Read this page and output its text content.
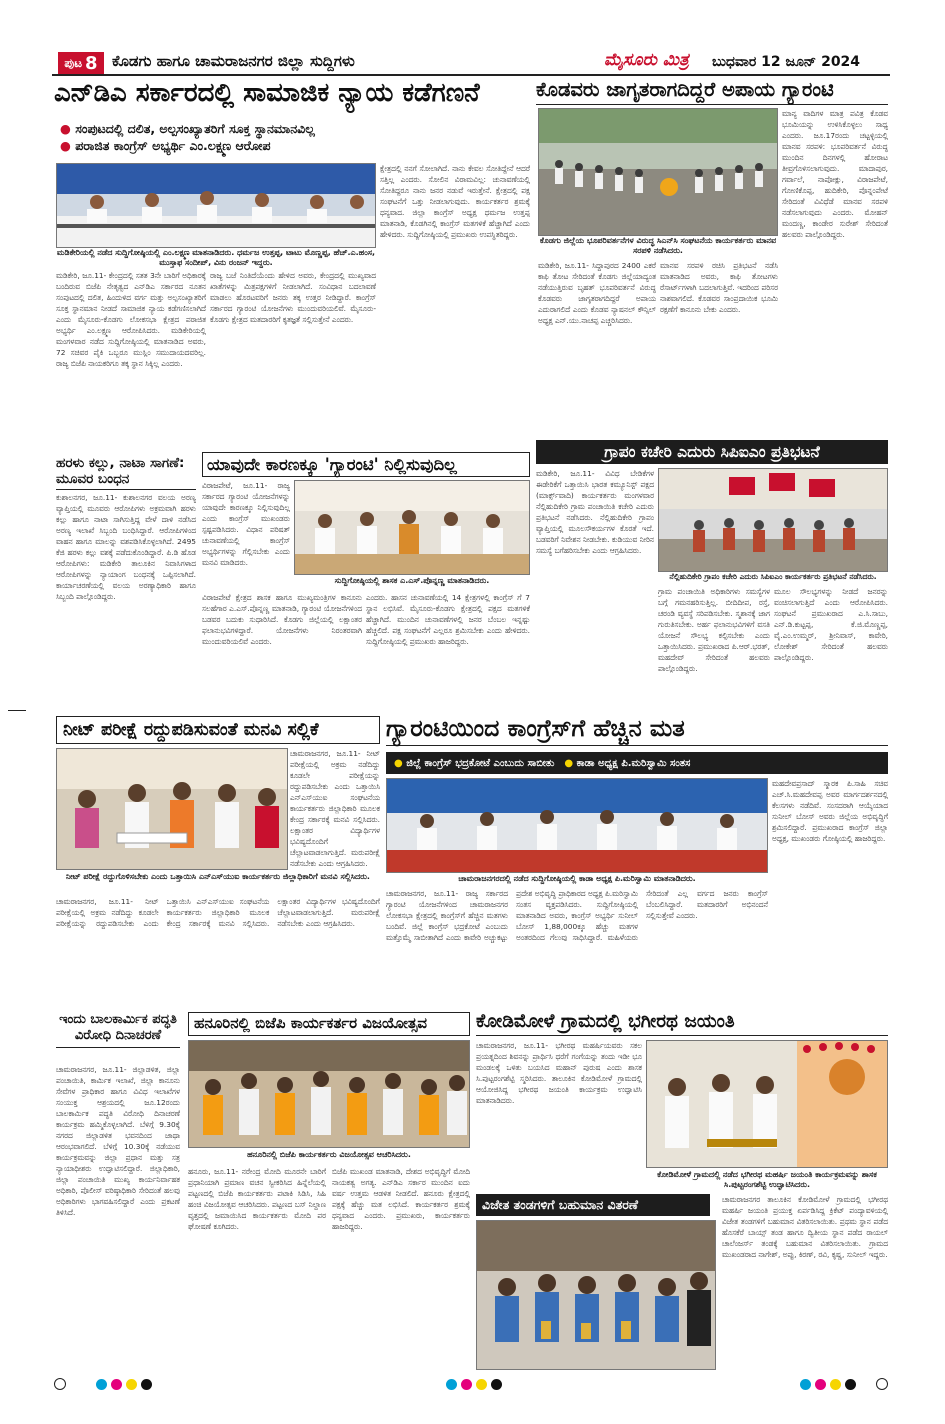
ಪುಟ 8 ಕೊಡಗು ಹಾಗೂ ಚಾಮರಾಜನಗರ ಜಿಲ್ಲಾ ಸುದ್ದಿಗಳು	ಮೈಸೂರು ಮಿತ್ರ ಬುಧವಾರ 12 ಜೂನ್ 2024
ಎನ್‌ಡಿಎ ಸರ್ಕಾರದಲ್ಲಿ ಸಾಮಾಜಿಕ ನ್ಯಾಯ ಕಡೆಗಣನೆ
● ಸಂಪುಟದಲ್ಲಿ ದಲಿತ, ಅಲ್ಪಸಂಖ್ಯಾತರಿಗೆ ಸೂಕ್ತ ಸ್ಥಾನಮಾನವಿಲ್ಲ
● ಪರಾಜಿತ ಕಾಂಗ್ರೆಸ್ ಅಭ್ಯರ್ಥಿ ಎಂ.ಲಕ್ಷ್ಮಣ ಆರೋಪ
ಮಡಿಕೇರಿಯಲ್ಲಿ ನಡೆದ ಸುದ್ದಿಗೋಷ್ಠಿಯಲ್ಲಿ ಎಂ.ಲಕ್ಷ್ಮಣ ಮಾತನಾಡಿದರು. ಧರ್ಮಜ ಉತ್ತಪ್ಪ, ಟಾಟು ಮೊಣ್ಣಪ್ಪ, ಹೆಚ್.ಎ.ಹಂಸ, ಮುಸ್ತಾಫ ಸಂದೀಪ್, ವಿನು ರಂಜನ್ ಇದ್ದರು.
ಮಡಿಕೇರಿ, ಜೂ.11- ಕೇಂದ್ರದಲ್ಲಿ ಸತತ 3ನೇ ಬಾರಿಗೆ ಅಧಿಕಾರಕ್ಕೆ ಬಂದಿರುವ ಬಿಜೆಪಿ ನೇತೃತ್ವದ ಎನ್‌ಡಿಎ ಸರ್ಕಾರದ ನೂತನ ಸಂಪುಟದಲ್ಲಿ ದಲಿತ, ಹಿಂದುಳಿದ ವರ್ಗ ಮತ್ತು ಅಲ್ಪಸಂಖ್ಯಾತರಿಗೆ ಸೂಕ್ತ ಸ್ಥಾನಮಾನ ನೀಡದೆ ಸಾಮಾಜಿಕ ನ್ಯಾಯ ಕಡೆಗಣಿಸಲಾಗಿದೆ ಎಂದು ಮೈಸೂರು-ಕೊಡಗು ಲೋಕಸಭಾ ಕ್ಷೇತ್ರದ ಪರಾಜಿತ ಅಭ್ಯರ್ಥಿ ಎಂ.ಲಕ್ಷ್ಮಣ ಆರೋಪಿಸಿದರು. ಮಡಿಕೇರಿಯಲ್ಲಿ ಮಂಗಳವಾರ ನಡೆದ ಸುದ್ದಿಗೋಷ್ಠಿಯಲ್ಲಿ ಮಾತನಾಡಿದ ಅವರು, 72 ಸಚಿವರ ಪೈಕಿ ಒಬ್ಬರೂ ಮುಸ್ಲಿಂ ಸಮುದಾಯದವರಿಲ್ಲ. ರಾಜ್ಯ ಬಿಜೆಪಿ ನಾಯಕರಿಗೂ ತಕ್ಕ ಸ್ಥಾನ ಸಿಕ್ಕಿಲ್ಲ ಎಂದರು.
ರಾಜ್ಯ ಬಜೆ ನಿಂತಿದೆಯೆಂದು ಹೇಳಿದ ಅವರು, ಕೇಂದ್ರದಲ್ಲಿ ಮುಖ್ಯವಾದ ಖಾತೆಗಳನ್ನು ಮಿತ್ರಪಕ್ಷಗಳಿಗೆ ನೀಡಲಾಗಿದೆ. ಸಂವಿಧಾನ ಬದಲಾವಣೆ ಮಾಡಲು ಹೊರಟವರಿಗೆ ಜನರು ತಕ್ಕ ಉತ್ತರ ನೀಡಿದ್ದಾರೆ. ಕಾಂಗ್ರೆಸ್ ಸರ್ಕಾರದ ಗ್ಯಾರಂಟಿ ಯೋಜನೆಗಳು ಮುಂದುವರಿಯಲಿವೆ. ಮೈಸೂರು-ಕೊಡಗು ಕ್ಷೇತ್ರದ ಮತದಾರರಿಗೆ ಕೃತಜ್ಞತೆ ಸಲ್ಲಿಸುತ್ತೇನೆ ಎಂದರು.
ಕ್ಷೇತ್ರದಲ್ಲಿ ನನಗೆ ಸೋಲಾಗಿದೆ. ನಾನು ಕೇವಲ ಸೋತಿದ್ದೇನೆ ಆದರೆ ಸತ್ತಿಲ್ಲ ಎಂದರು. ಸೋಲಿನ ವಿರಾಮವಿಲ್ಲ: ಚುನಾವಣೆಯಲ್ಲಿ ಸೋತಿದ್ದರೂ ನಾನು ಜನರ ನಡುವೆ ಇರುತ್ತೇನೆ. ಕ್ಷೇತ್ರದಲ್ಲಿ ಪಕ್ಷ ಸಂಘಟನೆಗೆ ಒತ್ತು ನೀಡಲಾಗುವುದು. ಕಾರ್ಯಕರ್ತರ ಶ್ರಮಕ್ಕೆ ಧನ್ಯವಾದ. ಜಿಲ್ಲಾ ಕಾಂಗ್ರೆಸ್ ಅಧ್ಯಕ್ಷ ಧರ್ಮಜ ಉತ್ತಪ್ಪ ಮಾತನಾಡಿ, ಕೊಡಗಿನಲ್ಲಿ ಕಾಂಗ್ರೆಸ್ ಮತಗಳಿಕೆ ಹೆಚ್ಚಾಗಿದೆ ಎಂದು ಹೇಳಿದರು. ಸುದ್ದಿಗೋಷ್ಠಿಯಲ್ಲಿ ಪ್ರಮುಖರು ಉಪಸ್ಥಿತರಿದ್ದರು.
ಕೊಡವರು ಜಾಗೃತರಾಗದಿದ್ದರೆ ಅಪಾಯ ಗ್ಯಾರಂಟಿ
ಕೊಡಗು ಜಿಲ್ಲೆಯ ಭೂಪರಿವರ್ತನೆಗಳ ವಿರುದ್ಧ ಸಿಎನ್‌ಸಿ ಸಂಘಟನೆಯ ಕಾರ್ಯಕರ್ತರು ಮಾನವ ಸರಪಳಿ ನಡೆಸಿದರು.
ಮಡಿಕೇರಿ, ಜೂ.11- ಸಿದ್ದಾಪುರದ 2400 ಎಕರೆ ಕಾಫಿ ತೋಟ ಸೇರಿದಂತೆ ಕೊಡಗು ಜಿಲ್ಲೆಯಾದ್ಯಂತ ನಡೆಯುತ್ತಿರುವ ಬೃಹತ್ ಭೂಪರಿವರ್ತನೆ ವಿರುದ್ಧ ಕೊಡವರು ಜಾಗೃತರಾಗದಿದ್ದರೆ ಅಪಾಯ ಎದುರಾಗಲಿದೆ ಎಂದು ಕೊಡವ ನ್ಯಾಷನಲ್ ಕೌನ್ಸಿಲ್ ಅಧ್ಯಕ್ಷ ಎನ್.ಯು.ನಾಚಪ್ಪ ಎಚ್ಚರಿಸಿದರು.
ಮಾನವ ಸರಪಳಿ ರಚಿಸಿ ಪ್ರತಿಭಟನೆ ನಡೆಸಿ ಮಾತನಾಡಿದ ಅವರು, ಕಾಫಿ ತೋಟಗಳು ರೆಸಾರ್ಟ್‌ಗಳಾಗಿ ಬದಲಾಗುತ್ತಿವೆ. ಇದರಿಂದ ಪರಿಸರ ನಾಶವಾಗಲಿದೆ. ಕೊಡವರ ಸಾಂಪ್ರದಾಯಿಕ ಭೂಮಿ ರಕ್ಷಣೆಗೆ ಕಾನೂನು ಬೇಕು ಎಂದರು.
ಮಾನ್ಯ ವಾದಿಗಳ ಮಾತ್ರ ಪವಿತ್ರ ಕೊಡವ ಭೂಮಿಯನ್ನು ಉಳಿಸಿಕೊಳ್ಳಲು ಸಾಧ್ಯ ಎಂದರು. ಜೂ.17ರಂದು ಚಟ್ಟಳ್ಳಿಯಲ್ಲಿ ಮಾನವ ಸರಪಳಿ: ಭೂಪರಿವರ್ತನೆ ವಿರುದ್ಧ ಮುಂದಿನ ದಿನಗಳಲ್ಲಿ ಹೋರಾಟ ತೀವ್ರಗೊಳಿಸಲಾಗುವುದು. ಮಾದಾಪುರ, ಗರ್ವಾಲೆ, ನಾಪೋಕ್ಲು, ವಿರಾಜಪೇಟೆ, ಗೋಣಿಕೊಪ್ಪ, ಹುದಿಕೇರಿ, ಪೊನ್ನಂಪೇಟೆ ಸೇರಿದಂತೆ ವಿವಿಧೆಡೆ ಮಾನವ ಸರಪಳಿ ನಡೆಸಲಾಗುವುದು ಎಂದರು. ಮೋಹನ್ ಮಂದಣ್ಣ, ಕಾಂಡೇರ ಸುರೇಶ್ ಸೇರಿದಂತೆ ಹಲವರು ಪಾಲ್ಗೊಂಡಿದ್ದರು.
ಗ್ರಾಪಂ ಕಚೇರಿ ಎದುರು ಸಿಪಿಐಎಂ ಪ್ರತಿಭಟನೆ
ಮಡಿಕೇರಿ, ಜೂ.11- ವಿವಿಧ ಬೇಡಿಕೆಗಳ ಈಡೇರಿಕೆಗೆ ಒತ್ತಾಯಿಸಿ ಭಾರತ ಕಮ್ಯೂನಿಸ್ಟ್ ಪಕ್ಷದ (ಮಾರ್ಕ್ಸ್‌ವಾದಿ) ಕಾರ್ಯಕರ್ತರು ಮಂಗಳವಾರ ನೆಲ್ಲಿಹುದಿಕೇರಿ ಗ್ರಾಮ ಪಂಚಾಯಿತಿ ಕಚೇರಿ ಎದುರು ಪ್ರತಿಭಟನೆ ನಡೆಸಿದರು. ನೆಲ್ಲಿಹುದಿಕೇರಿ ಗ್ರಾಪಂ ವ್ಯಾಪ್ತಿಯಲ್ಲಿ ಮೂಲಸೌಕರ್ಯಗಳ ಕೊರತೆ ಇದೆ. ಬಡವರಿಗೆ ನಿವೇಶನ ನೀಡಬೇಕು. ಕುಡಿಯುವ ನೀರಿನ ಸಮಸ್ಯೆ ಬಗೆಹರಿಸಬೇಕು ಎಂದು ಆಗ್ರಹಿಸಿದರು.
ನೆಲ್ಲಿಹುದಿಕೇರಿ ಗ್ರಾಪಂ ಕಚೇರಿ ಎದುರು ಸಿಪಿಐಎಂ ಕಾರ್ಯಕರ್ತರು ಪ್ರತಿಭಟನೆ ನಡೆಸಿದರು.
ಗ್ರಾಮ ಪಂಚಾಯಿತಿ ಅಧಿಕಾರಿಗಳು ಸಮಸ್ಯೆಗಳ ಬಗ್ಗೆ ಗಮನಹರಿಸುತ್ತಿಲ್ಲ. ಬೀದಿದೀಪ, ರಸ್ತೆ, ಚರಂಡಿ ವ್ಯವಸ್ಥೆ ಸರಿಪಡಿಸಬೇಕು. ಸ್ಮಶಾನಕ್ಕೆ ಜಾಗ ಗುರುತಿಸಬೇಕು. ಅರ್ಹ ಫಲಾನುಭವಿಗಳಿಗೆ ವಸತಿ ಯೋಜನೆ ಸೌಲಭ್ಯ ಕಲ್ಪಿಸಬೇಕು ಎಂದು ಒತ್ತಾಯಿಸಿದರು. ಪ್ರಮುಖರಾದ ಪಿ.ಆರ್.ಭರತ್, ಮಹದೇವ್ ಸೇರಿದಂತೆ ಹಲವರು ಪಾಲ್ಗೊಂಡಿದ್ದರು.
ಮೂಲ ಸೌಲಭ್ಯಗಳನ್ನು ನೀಡದೆ ಜನರನ್ನು ವಂಚಿಸಲಾಗುತ್ತಿದೆ ಎಂದು ಆರೋಪಿಸಿದರು. ಸಂಘಟನೆ ಪ್ರಮುಖರಾದ ಎ.ಸಿ.ಸಾಬು, ಎನ್.ಡಿ.ಕುಟ್ಟಪ್ಪ, ಕೆ.ಜಿ.ಮೊಣ್ಣಪ್ಪ, ವೈ.ಎಂ.ಉಮ್ಮರ್, ಶ್ರೀನಿವಾಸ್, ಕಾವೇರಿ, ಲೋಕೇಶ್ ಸೇರಿದಂತೆ ಹಲವರು ಪಾಲ್ಗೊಂಡಿದ್ದರು.
ಹರಳು ಕಲ್ಲು, ನಾಟಾ ಸಾಗಣೆ: ಮೂವರ ಬಂಧನ
ಕುಶಾಲನಗರ, ಜೂ.11- ಕುಶಾಲನಗರ ವಲಯ ಅರಣ್ಯ ವ್ಯಾಪ್ತಿಯಲ್ಲಿ ಮೂವರು ಆರೋಪಿಗಳು ಅಕ್ರಮವಾಗಿ ಹರಳು ಕಲ್ಲು ಹಾಗೂ ನಾಟಾ ಸಾಗಿಸುತ್ತಿದ್ದ ವೇಳೆ ದಾಳಿ ನಡೆಸಿದ ಅರಣ್ಯ ಇಲಾಖೆ ಸಿಬ್ಬಂದಿ ಬಂಧಿಸಿದ್ದಾರೆ. ಆರೋಪಿಗಳಿಂದ ವಾಹನ ಹಾಗೂ ಮಾಲನ್ನು ವಶಪಡಿಸಿಕೊಳ್ಳಲಾಗಿದೆ. 2495 ಕೆಜಿ ಹರಳು ಕಲ್ಲು ವಶಕ್ಕೆ ಪಡೆದುಕೊಂಡಿದ್ದಾರೆ. ಪಿ.ಡಿ ಹೊಡ ಆರೋಪಿಗಳು: ಮಡಿಕೇರಿ ತಾಲೂಕಿನ ನಿವಾಸಿಗಳಾದ ಆರೋಪಿಗಳನ್ನು ನ್ಯಾಯಾಂಗ ಬಂಧನಕ್ಕೆ ಒಪ್ಪಿಸಲಾಗಿದೆ. ಕಾರ್ಯಾಚರಣೆಯಲ್ಲಿ ವಲಯ ಅರಣ್ಯಾಧಿಕಾರಿ ಹಾಗೂ ಸಿಬ್ಬಂದಿ ಪಾಲ್ಗೊಂಡಿದ್ದರು.
ಯಾವುದೇ ಕಾರಣಕ್ಕೂ 'ಗ್ಯಾರಂಟಿ' ನಿಲ್ಲಿಸುವುದಿಲ್ಲ
ವಿರಾಜಪೇಟೆ, ಜೂ.11- ರಾಜ್ಯ ಸರ್ಕಾರದ ಗ್ಯಾರಂಟಿ ಯೋಜನೆಗಳನ್ನು ಯಾವುದೇ ಕಾರಣಕ್ಕೂ ನಿಲ್ಲಿಸುವುದಿಲ್ಲ ಎಂದು ಕಾಂಗ್ರೆಸ್ ಮುಖಂಡರು ಸ್ಪಷ್ಟಪಡಿಸಿದರು. ವಿಧಾನ ಪರಿಷತ್ ಚುನಾವಣೆಯಲ್ಲಿ ಕಾಂಗ್ರೆಸ್ ಅಭ್ಯರ್ಥಿಗಳನ್ನು ಗೆಲ್ಲಿಸಬೇಕು ಎಂದು ಮನವಿ ಮಾಡಿದರು.
ಸುದ್ದಿಗೋಷ್ಠಿಯಲ್ಲಿ ಶಾಸಕ ಎ.ಎಸ್.ಪೊನ್ನಣ್ಣ ಮಾತನಾಡಿದರು.
ವಿರಾಜಪೇಟೆ ಕ್ಷೇತ್ರದ ಶಾಸಕ ಹಾಗೂ ಮುಖ್ಯಮಂತ್ರಿಗಳ ಕಾನೂನು ಸಲಹೆಗಾರ ಎ.ಎಸ್.ಪೊನ್ನಣ್ಣ ಮಾತನಾಡಿ, ಗ್ಯಾರಂಟಿ ಯೋಜನೆಗಳಿಂದ ಬಡವರ ಬದುಕು ಸುಧಾರಿಸಿದೆ. ಕೊಡಗು ಜಿಲ್ಲೆಯಲ್ಲಿ ಲಕ್ಷಾಂತರ ಫಲಾನುಭವಿಗಳಿದ್ದಾರೆ. ಯೋಜನೆಗಳು ನಿರಂತರವಾಗಿ ಮುಂದುವರಿಯಲಿವೆ ಎಂದರು.
ಎಂದರು. ಹಾಸನ ಚುನಾವಣೆಯಲ್ಲಿ 14 ಕ್ಷೇತ್ರಗಳಲ್ಲಿ ಕಾಂಗ್ರೆಸ್ ಗೆ 7 ಸ್ಥಾನ ಲಭಿಸಿವೆ. ಮೈಸೂರು-ಕೊಡಗು ಕ್ಷೇತ್ರದಲ್ಲಿ ಪಕ್ಷದ ಮತಗಳಿಕೆ ಹೆಚ್ಚಾಗಿದೆ. ಮುಂದಿನ ಚುನಾವಣೆಗಳಲ್ಲಿ ಜನರ ಬೆಂಬಲ ಇನ್ನಷ್ಟು ಹೆಚ್ಚಲಿದೆ. ಪಕ್ಷ ಸಂಘಟನೆಗೆ ಎಲ್ಲರೂ ಶ್ರಮಿಸಬೇಕು ಎಂದು ಹೇಳಿದರು. ಸುದ್ದಿಗೋಷ್ಠಿಯಲ್ಲಿ ಪ್ರಮುಖರು ಹಾಜರಿದ್ದರು.
ನೀಟ್ ಪರೀಕ್ಷೆ ರದ್ದುಪಡಿಸುವಂತೆ ಮನವಿ ಸಲ್ಲಿಕೆ
ನೀಟ್ ಪರೀಕ್ಷೆ ರದ್ದುಗೊಳಿಸಬೇಕು ಎಂದು ಒತ್ತಾಯಿಸಿ ಎನ್‌ಎಸ್‌ಯುಐ ಕಾರ್ಯಕರ್ತರು ಜಿಲ್ಲಾಧಿಕಾರಿಗೆ ಮನವಿ ಸಲ್ಲಿಸಿದರು.
ಚಾಮರಾಜನಗರ, ಜೂ.11- ನೀಟ್ ಪರೀಕ್ಷೆಯಲ್ಲಿ ಅಕ್ರಮ ನಡೆದಿದ್ದು ಕೂಡಲೇ ಪರೀಕ್ಷೆಯನ್ನು ರದ್ದುಪಡಿಸಬೇಕು ಎಂದು ಒತ್ತಾಯಿಸಿ ಎನ್‌ಎಸ್‌ಯುಐ ಸಂಘಟನೆಯ ಕಾರ್ಯಕರ್ತರು ಜಿಲ್ಲಾಧಿಕಾರಿ ಮೂಲಕ ಕೇಂದ್ರ ಸರ್ಕಾರಕ್ಕೆ ಮನವಿ ಸಲ್ಲಿಸಿದರು. ಲಕ್ಷಾಂತರ ವಿದ್ಯಾರ್ಥಿಗಳ ಭವಿಷ್ಯದೊಂದಿಗೆ ಚೆಲ್ಲಾಟವಾಡಲಾಗುತ್ತಿದೆ. ಮರುಪರೀಕ್ಷೆ ನಡೆಸಬೇಕು ಎಂದು ಆಗ್ರಹಿಸಿದರು.
ಚಾಮರಾಜನಗರ, ಜೂ.11- ನೀಟ್ ಪರೀಕ್ಷೆಯಲ್ಲಿ ಅಕ್ರಮ ನಡೆದಿದ್ದು ಕೂಡಲೇ ಪರೀಕ್ಷೆಯನ್ನು ರದ್ದುಪಡಿಸಬೇಕು ಎಂದು ಒತ್ತಾಯಿಸಿ ಎನ್‌ಎಸ್‌ಯುಐ ಸಂಘಟನೆಯ ಕಾರ್ಯಕರ್ತರು ಜಿಲ್ಲಾಧಿಕಾರಿ ಮೂಲಕ ಕೇಂದ್ರ ಸರ್ಕಾರಕ್ಕೆ ಮನವಿ ಸಲ್ಲಿಸಿದರು. ಲಕ್ಷಾಂತರ ವಿದ್ಯಾರ್ಥಿಗಳ ಭವಿಷ್ಯದೊಂದಿಗೆ ಚೆಲ್ಲಾಟವಾಡಲಾಗುತ್ತಿದೆ. ಮರುಪರೀಕ್ಷೆ ನಡೆಸಬೇಕು ಎಂದು ಆಗ್ರಹಿಸಿದರು.
ಗ್ಯಾರಂಟಿಯಿಂದ ಕಾಂಗ್ರೆಸ್‌ಗೆ ಹೆಚ್ಚಿನ ಮತ
● ಜಿಲ್ಲೆ ಕಾಂಗ್ರೆಸ್ ಭದ್ರಕೋಟೆ ಎಂಬುದು ಸಾಬೀತು ● ಕಾಡಾ ಅಧ್ಯಕ್ಷ ಪಿ.ಮರಿಸ್ವಾಮಿ ಸಂತಸ
ಚಾಮರಾಜನಗರದಲ್ಲಿ ನಡೆದ ಸುದ್ದಿಗೋಷ್ಠಿಯಲ್ಲಿ ಕಾಡಾ ಅಧ್ಯಕ್ಷ ಪಿ.ಮರಿಸ್ವಾಮಿ ಮಾತನಾಡಿದರು.
ಚಾಮರಾಜನಗರ, ಜೂ.11- ರಾಜ್ಯ ಸರ್ಕಾರದ ಗ್ಯಾರಂಟಿ ಯೋಜನೆಗಳಿಂದ ಚಾಮರಾಜನಗರ ಲೋಕಸಭಾ ಕ್ಷೇತ್ರದಲ್ಲಿ ಕಾಂಗ್ರೆಸ್‌ಗೆ ಹೆಚ್ಚಿನ ಮತಗಳು ಬಂದಿವೆ. ಜಿಲ್ಲೆ ಕಾಂಗ್ರೆಸ್ ಭದ್ರಕೋಟೆ ಎಂಬುದು ಮತ್ತೊಮ್ಮೆ ಸಾಬೀತಾಗಿದೆ ಎಂದು ಕಾವೇರಿ ಅಚ್ಚುಕಟ್ಟು ಪ್ರದೇಶ ಅಭಿವೃದ್ಧಿ ಪ್ರಾಧಿಕಾರದ ಅಧ್ಯಕ್ಷ ಪಿ.ಮರಿಸ್ವಾಮಿ ಸಂತಸ ವ್ಯಕ್ತಪಡಿಸಿದರು. ಸುದ್ದಿಗೋಷ್ಠಿಯಲ್ಲಿ ಮಾತನಾಡಿದ ಅವರು, ಕಾಂಗ್ರೆಸ್ ಅಭ್ಯರ್ಥಿ ಸುನೀಲ್ ಬೋಸ್ 1,88,000ಕ್ಕೂ ಹೆಚ್ಚು ಮತಗಳ ಅಂತರದಿಂದ ಗೆಲುವು ಸಾಧಿಸಿದ್ದಾರೆ. ಮಹಿಳೆಯರು ಸೇರಿದಂತೆ ಎಲ್ಲ ವರ್ಗದ ಜನರು ಕಾಂಗ್ರೆಸ್ ಬೆಂಬಲಿಸಿದ್ದಾರೆ. ಮತದಾರರಿಗೆ ಅಭಿನಂದನೆ ಸಲ್ಲಿಸುತ್ತೇವೆ ಎಂದರು.
ಮಹದೇವಪ್ರಸಾದ್ ಸ್ಮಾರಕ ಪಿ.ಸಾಹಿ ಸಚಿವ ಎಚ್.ಸಿ.ಮಹದೇವಪ್ಪ ಅವರ ಮಾರ್ಗದರ್ಶನದಲ್ಲಿ ಕೆಲಸಗಳು ನಡೆದಿವೆ. ಸಂಸದರಾಗಿ ಆಯ್ಕೆಯಾದ ಸುನೀಲ್ ಬೋಸ್ ಅವರು ಜಿಲ್ಲೆಯ ಅಭಿವೃದ್ಧಿಗೆ ಶ್ರಮಿಸಲಿದ್ದಾರೆ. ಪ್ರಮುಖರಾದ ಕಾಂಗ್ರೆಸ್ ಜಿಲ್ಲಾ ಅಧ್ಯಕ್ಷ, ಮುಖಂಡರು ಗೋಷ್ಠಿಯಲ್ಲಿ ಹಾಜರಿದ್ದರು.
ಇಂದು ಬಾಲಕಾರ್ಮಿಕ ಪದ್ಧತಿ ವಿರೋಧಿ ದಿನಾಚರಣೆ
ಚಾಮರಾಜನಗರ, ಜೂ.11- ಜಿಲ್ಲಾಡಳಿತ, ಜಿಲ್ಲಾ ಪಂಚಾಯಿತಿ, ಕಾರ್ಮಿಕ ಇಲಾಖೆ, ಜಿಲ್ಲಾ ಕಾನೂನು ಸೇವೆಗಳ ಪ್ರಾಧಿಕಾರ ಹಾಗೂ ವಿವಿಧ ಇಲಾಖೆಗಳ ಸಂಯುಕ್ತ ಆಶ್ರಯದಲ್ಲಿ ಜೂ.12ರಂದು ಬಾಲಕಾರ್ಮಿಕ ಪದ್ಧತಿ ವಿರೋಧಿ ದಿನಾಚರಣೆ ಕಾರ್ಯಕ್ರಮ ಹಮ್ಮಿಕೊಳ್ಳಲಾಗಿದೆ. ಬೆಳಿಗ್ಗೆ 9.30ಕ್ಕೆ ನಗರದ ಜಿಲ್ಲಾಡಳಿತ ಭವನದಿಂದ ಜಾಥಾ ಆರಂಭವಾಗಲಿದೆ. ಬೆಳಿಗ್ಗೆ 10.30ಕ್ಕೆ ನಡೆಯುವ ಕಾರ್ಯಕ್ರಮವನ್ನು ಜಿಲ್ಲಾ ಪ್ರಧಾನ ಮತ್ತು ಸತ್ರ ನ್ಯಾಯಾಧೀಶರು ಉದ್ಘಾಟಿಸಲಿದ್ದಾರೆ. ಜಿಲ್ಲಾಧಿಕಾರಿ, ಜಿಲ್ಲಾ ಪಂಚಾಯಿತಿ ಮುಖ್ಯ ಕಾರ್ಯನಿರ್ವಾಹಕ ಅಧಿಕಾರಿ, ಪೊಲೀಸ್ ವರಿಷ್ಠಾಧಿಕಾರಿ ಸೇರಿದಂತೆ ಹಲವು ಅಧಿಕಾರಿಗಳು ಭಾಗವಹಿಸಲಿದ್ದಾರೆ ಎಂದು ಪ್ರಕಟಣೆ ತಿಳಿಸಿದೆ.
ಹನೂರಿನಲ್ಲಿ ಬಿಜೆಪಿ ಕಾರ್ಯಕರ್ತರ ವಿಜಯೋತ್ಸವ
ಹನೂರಿನಲ್ಲಿ ಬಿಜೆಪಿ ಕಾರ್ಯಕರ್ತರು ವಿಜಯೋತ್ಸವ ಆಚರಿಸಿದರು.
ಹನೂರು, ಜೂ.11- ನರೇಂದ್ರ ಮೋದಿ ಮೂರನೇ ಬಾರಿಗೆ ಪ್ರಧಾನಿಯಾಗಿ ಪ್ರಮಾಣ ವಚನ ಸ್ವೀಕರಿಸಿದ ಹಿನ್ನೆಲೆಯಲ್ಲಿ ಪಟ್ಟಣದಲ್ಲಿ ಬಿಜೆಪಿ ಕಾರ್ಯಕರ್ತರು ಪಟಾಕಿ ಸಿಡಿಸಿ, ಸಿಹಿ ಹಂಚಿ ವಿಜಯೋತ್ಸವ ಆಚರಿಸಿದರು. ಪಟ್ಟಣದ ಬಸ್ ನಿಲ್ದಾಣ ವೃತ್ತದಲ್ಲಿ ಜಮಾಯಿಸಿದ ಕಾರ್ಯಕರ್ತರು ಮೋದಿ ಪರ ಘೋಷಣೆ ಕೂಗಿದರು.
ಬಿಜೆಪಿ ಮುಖಂಡ ಮಾತನಾಡಿ, ದೇಶದ ಅಭಿವೃದ್ಧಿಗೆ ಮೋದಿ ನಾಯಕತ್ವ ಅಗತ್ಯ. ಎನ್‌ಡಿಎ ಸರ್ಕಾರ ಮುಂದಿನ ಐದು ವರ್ಷ ಉತ್ತಮ ಆಡಳಿತ ನೀಡಲಿದೆ. ಹನೂರು ಕ್ಷೇತ್ರದಲ್ಲಿ ಪಕ್ಷಕ್ಕೆ ಹೆಚ್ಚು ಮತ ಲಭಿಸಿದೆ. ಕಾರ್ಯಕರ್ತರ ಶ್ರಮಕ್ಕೆ ಧನ್ಯವಾದ ಎಂದರು. ಪ್ರಮುಖರು, ಕಾರ್ಯಕರ್ತರು ಹಾಜರಿದ್ದರು.
ಕೋಡಿಮೋಳೆ ಗ್ರಾಮದಲ್ಲಿ ಭಗೀರಥ ಜಯಂತಿ
ಚಾಮರಾಜನಗರ, ಜೂ.11- ಭಗೀರಥ ಮಹರ್ಷಿಯವರು ಸಕಲ ಪ್ರಯತ್ನದಿಂದ ಶಿವನನ್ನು ಪ್ರಾರ್ಥಿಸಿ ಧರೆಗೆ ಗಂಗೆಯನ್ನು ತಂದು ಇಡೀ ಭೂ ಮಂಡಲಕ್ಕೆ ಒಳಿತು ಬಯಸಿದ ಮಹಾನ್ ಪುರುಷ ಎಂದು ಶಾಸಕ ಸಿ.ಪುಟ್ಟರಂಗಶೆಟ್ಟಿ ಸ್ಮರಿಸಿದರು. ತಾಲೂಕಿನ ಕೋಡಿಮೋಳೆ ಗ್ರಾಮದಲ್ಲಿ ಆಯೋಜಿಸಿದ್ದ ಭಗೀರಥ ಜಯಂತಿ ಕಾರ್ಯಕ್ರಮ ಉದ್ಘಾಟಿಸಿ ಮಾತನಾಡಿದರು.
ಕೋಡಿಮೋಳೆ ಗ್ರಾಮದಲ್ಲಿ ನಡೆದ ಭಗೀರಥ ಮಹರ್ಷಿ ಜಯಂತಿ ಕಾರ್ಯಕ್ರಮವನ್ನು ಶಾಸಕ ಸಿ.ಪುಟ್ಟರಂಗಶೆಟ್ಟಿ ಉದ್ಘಾಟಿಸಿದರು.
ವಿಜೇತ ತಂಡಗಳಿಗೆ ಬಹುಮಾನ ವಿತರಣೆ	ಚಾಮರಾಜನಗರ ತಾಲೂಕಿನ ಕೋಡಿಮೋಳೆ ಗ್ರಾಮದಲ್ಲಿ ಭಗೀರಥ ಮಹರ್ಷಿ ಜಯಂತಿ ಪ್ರಯುಕ್ತ ಏರ್ಪಡಿಸಿದ್ದ ಕ್ರಿಕೆಟ್ ಪಂದ್ಯಾವಳಿಯಲ್ಲಿ ವಿಜೇತ ತಂಡಗಳಿಗೆ ಬಹುಮಾನ ವಿತರಿಸಲಾಯಿತು. ಪ್ರಥಮ ಸ್ಥಾನ ಪಡೆದ ಹೊಸಕೆರೆ ಬಾಯ್ಸ್ ತಂಡ ಹಾಗೂ ದ್ವಿತೀಯ ಸ್ಥಾನ ಪಡೆದ ರಾಯಲ್ ಚಾಲೆಂಜರ್ಸ್ ತಂಡಕ್ಕೆ ಬಹುಮಾನ ವಿತರಿಸಲಾಯಿತು. ಗ್ರಾಮದ ಮುಖಂಡರಾದ ನಾಗೇಶ್, ಅಪ್ಪು, ಕಿರಣ್, ರವಿ, ಕೃಷ್ಣ, ಸುನೀಲ್ ಇದ್ದರು.
